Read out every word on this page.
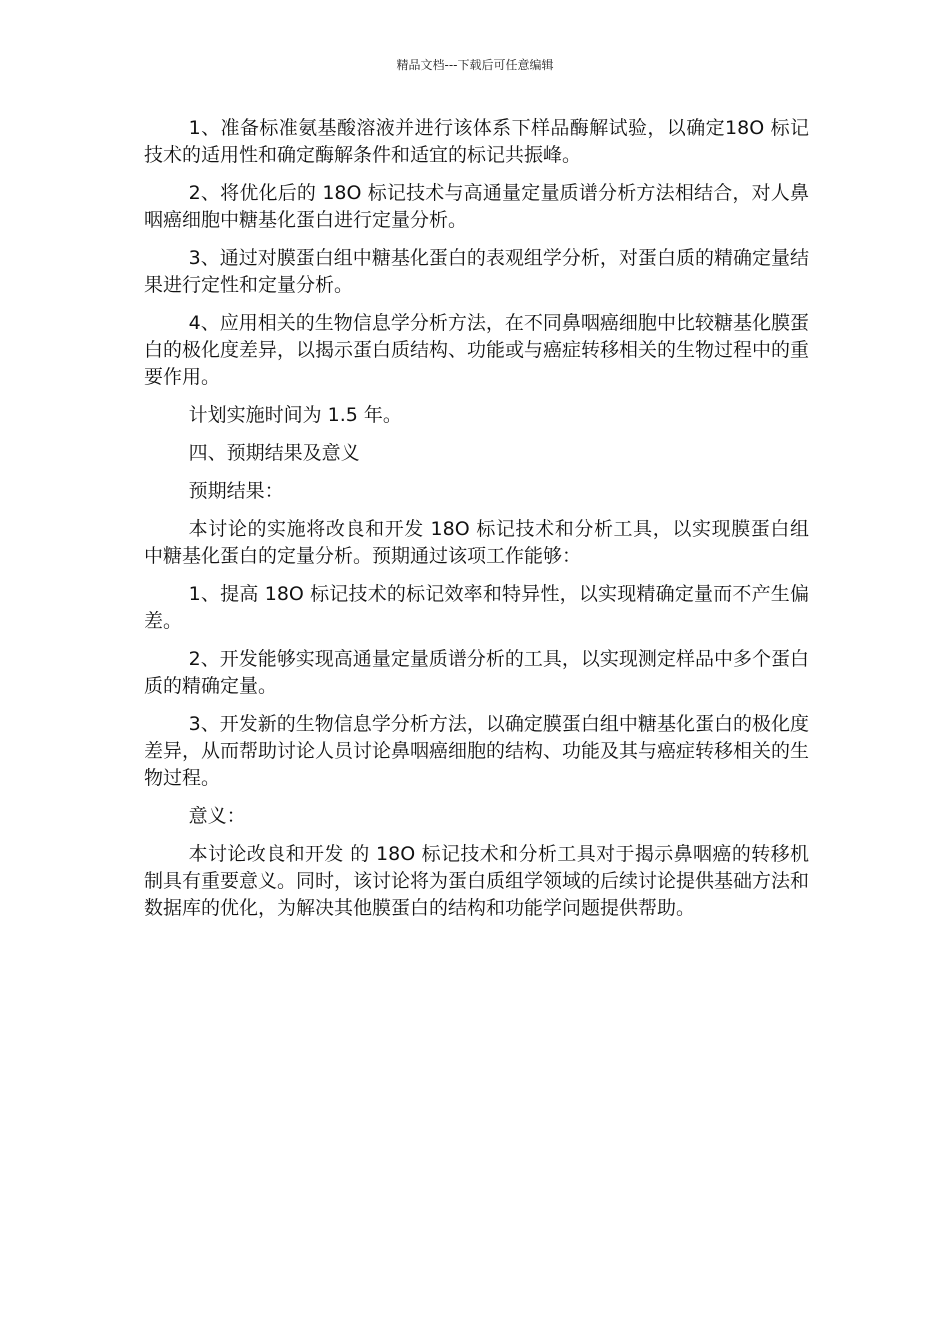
精品文档---下载后可任意编辑

1、准备标准氨基酸溶液并进行该体系下样品酶解试验，以确定18O 标记技术的适用性和确定酶解条件和适宜的标记共振峰。

2、将优化后的 18O 标记技术与高通量定量质谱分析方法相结合，对人鼻咽癌细胞中糖基化蛋白进行定量分析。

3、通过对膜蛋白组中糖基化蛋白的表观组学分析，对蛋白质的精确定量结果进行定性和定量分析。

4、应用相关的生物信息学分析方法，在不同鼻咽癌细胞中比较糖基化膜蛋白的极化度差异，以揭示蛋白质结构、功能或与癌症转移相关的生物过程中的重要作用。

计划实施时间为 1.5 年。

四、预期结果及意义

预期结果：

本讨论的实施将改良和开发 18O 标记技术和分析工具，以实现膜蛋白组中糖基化蛋白的定量分析。预期通过该项工作能够：

1、提高 18O 标记技术的标记效率和特异性，以实现精确定量而不产生偏差。

2、开发能够实现高通量定量质谱分析的工具，以实现测定样品中多个蛋白质的精确定量。

3、开发新的生物信息学分析方法，以确定膜蛋白组中糖基化蛋白的极化度差异，从而帮助讨论人员讨论鼻咽癌细胞的结构、功能及其与癌症转移相关的生物过程。

意义：

本讨论改良和开发 的 18O 标记技术和分析工具对于揭示鼻咽癌的转移机制具有重要意义。同时，该讨论将为蛋白质组学领域的后续讨论提供基础方法和数据库的优化，为解决其他膜蛋白的结构和功能学问题提供帮助。
